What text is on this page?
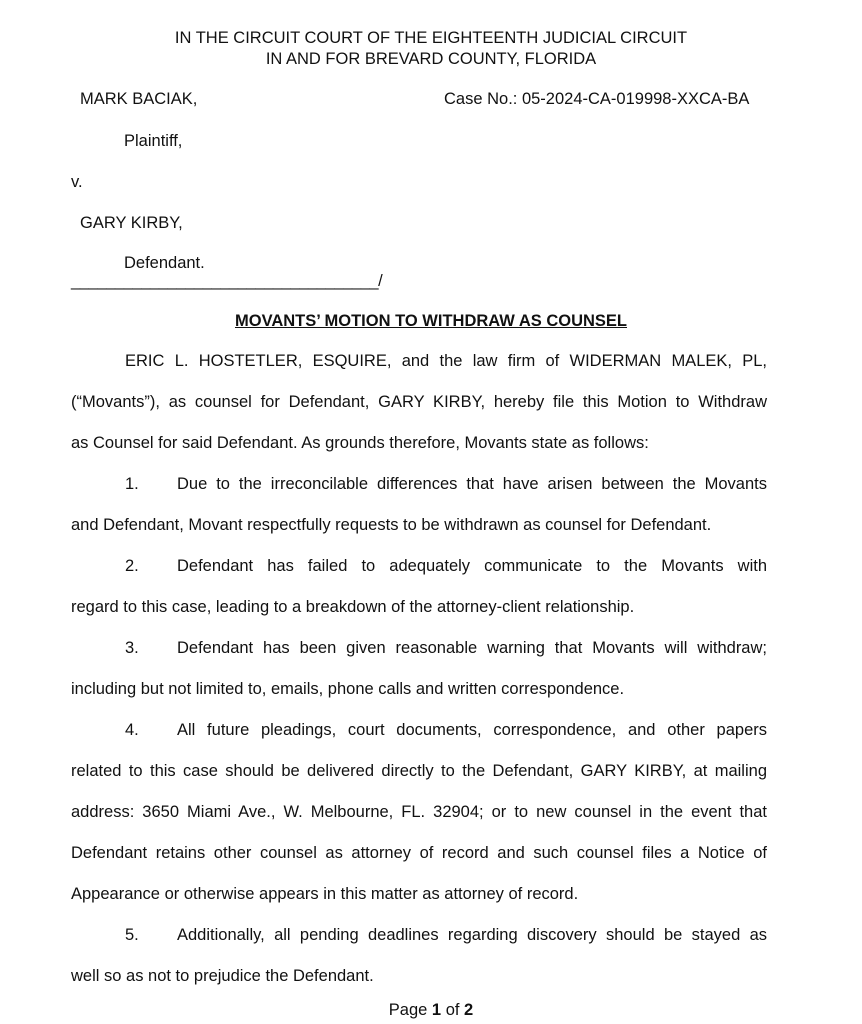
IN THE CIRCUIT COURT OF THE EIGHTEENTH JUDICIAL CIRCUIT
IN AND FOR BREVARD COUNTY, FLORIDA
MARK BACIAK,	Case No.: 05-2024-CA-019998-XXCA-BA
Plaintiff,
v.
GARY KIRBY,
Defendant.
___________________________________/
MOVANTS’ MOTION TO WITHDRAW AS COUNSEL
ERIC L. HOSTETLER, ESQUIRE, and the law firm of WIDERMAN MALEK, PL,
(“Movants”), as counsel for Defendant, GARY KIRBY, hereby file this Motion to Withdraw
as Counsel for said Defendant. As grounds therefore, Movants state as follows:
1. Due to the irreconcilable differences that have arisen between the Movants
and Defendant, Movant respectfully requests to be withdrawn as counsel for Defendant.
2. Defendant has failed to adequately communicate to the Movants with
regard to this case, leading to a breakdown of the attorney-client relationship.
3. Defendant has been given reasonable warning that Movants will withdraw;
including but not limited to, emails, phone calls and written correspondence.
4. All future pleadings, court documents, correspondence, and other papers
related to this case should be delivered directly to the Defendant, GARY KIRBY, at mailing
address: 3650 Miami Ave., W. Melbourne, FL. 32904; or to new counsel in the event that
Defendant retains other counsel as attorney of record and such counsel files a Notice of
Appearance or otherwise appears in this matter as attorney of record.
5. Additionally, all pending deadlines regarding discovery should be stayed as
well so as not to prejudice the Defendant.
Page 1 of 2
